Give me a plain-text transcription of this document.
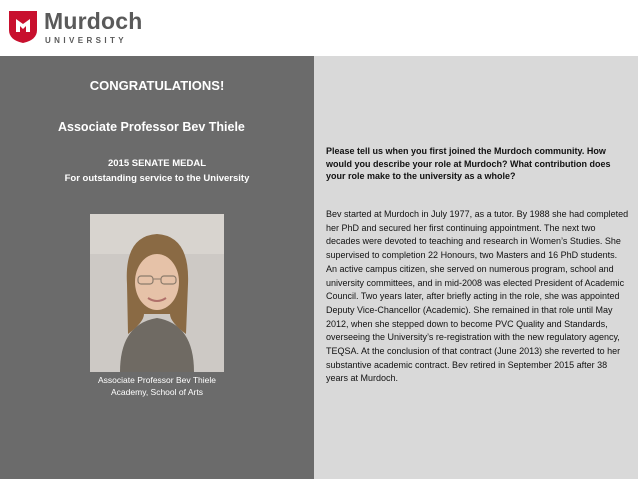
Murdoch
UNIVERSITY
CONGRATULATIONS!
Associate Professor Bev Thiele
2015 SENATE MEDAL
For outstanding service to the University
Associate Professor Bev Thiele
Academy, School of Arts
Please tell us when you first joined the Murdoch community. How would you describe your role at Murdoch? What contribution does your role make to the university as a whole?
Bev started at Murdoch in July 1977, as a tutor. By 1988 she had completed her PhD and secured her first continuing appointment. The next two decades were devoted to teaching and research in Women’s Studies. She supervised to completion 22 Honours, two Masters and 16 PhD students. An active campus citizen, she served on numerous program, school and university committees, and in mid-2008 was elected President of Academic Council. Two years later, after briefly acting in the role, she was appointed Deputy Vice-Chancellor (Academic). She remained in that role until May 2012, when she stepped down to become PVC Quality and Standards, overseeing the University’s re-registration with the new regulatory agency, TEQSA. At the conclusion of that contract (June 2013) she reverted to her substantive academic contract. Bev retired in September 2015 after 38 years at Murdoch.
